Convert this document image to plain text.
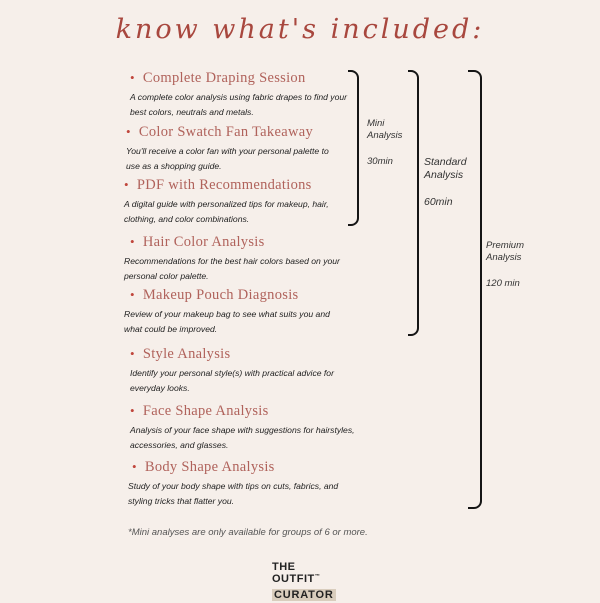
know what's included:
• Complete Draping Session
A complete color analysis using fabric drapes to find your
best colors, neutrals and metals.
• Color Swatch Fan Takeaway
You'll receive a color fan with your personal palette to
use as a shopping guide.
• PDF with Recommendations
A digital guide with personalized tips for makeup, hair,
clothing, and color combinations.
• Hair Color Analysis
Recommendations for the best hair colors based on your
personal color palette.
• Makeup Pouch Diagnosis
Review of your makeup bag to see what suits you and
what could be improved.
• Style Analysis
Identify your personal style(s) with practical advice for
everyday looks.
• Face Shape Analysis
Analysis of your face shape with suggestions for hairstyles,
accessories, and glasses.
• Body Shape Analysis
Study of your body shape with tips on cuts, fabrics, and
styling tricks that flatter you.
Mini
Analysis
30min	Standard
Analysis
60min
Premium
Analysis
120 min
*Mini analyses are only available for groups of 6 or more.
THE OUTFIT™
CURATOR
